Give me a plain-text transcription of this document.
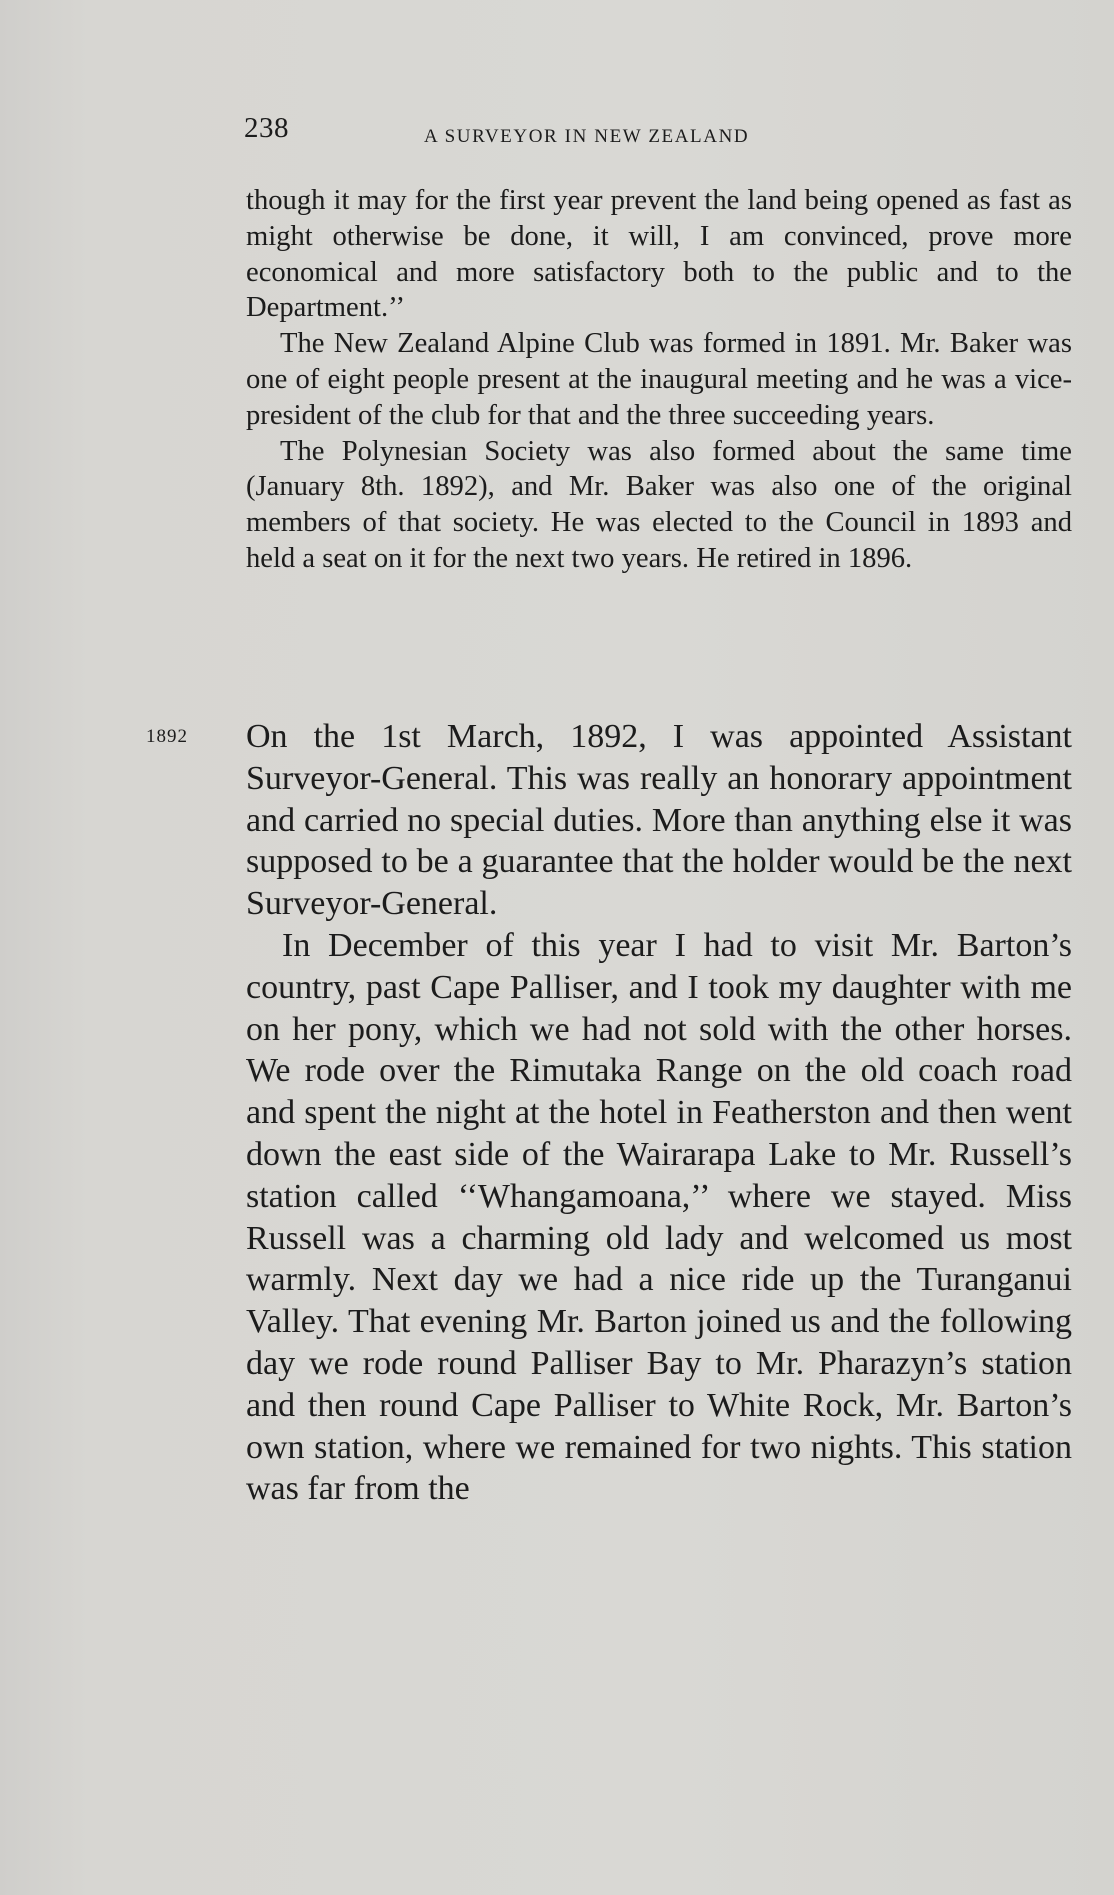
238	A SURVEYOR IN NEW ZEALAND

though it may for the first year prevent the land being opened as fast as might otherwise be done, it will, I am convinced, prove more economical and more satisfactory both to the public and to the Department.’’

The New Zealand Alpine Club was formed in 1891. Mr. Baker was one of eight people present at the inaugural meeting and he was a vice-president of the club for that and the three succeeding years.

The Polynesian Society was also formed about the same time (January 8th. 1892), and Mr. Baker was also one of the original members of that society. He was elected to the Council in 1893 and held a seat on it for the next two years. He retired in 1896.

1892 On the 1st March, 1892, I was appointed Assistant Surveyor-General. This was really an honorary appointment and carried no special duties. More than anything else it was supposed to be a guarantee that the holder would be the next Surveyor-General.

In December of this year I had to visit Mr. Barton’s country, past Cape Palliser, and I took my daughter with me on her pony, which we had not sold with the other horses. We rode over the Rimutaka Range on the old coach road and spent the night at the hotel in Featherston and then went down the east side of the Wairarapa Lake to Mr. Russell’s station called ‘‘Whangamoana,’’ where we stayed. Miss Russell was a charming old lady and welcomed us most warmly. Next day we had a nice ride up the Turanganui Valley. That evening Mr. Barton joined us and the following day we rode round Palliser Bay to Mr. Pharazyn’s station and then round Cape Palliser to White Rock, Mr. Barton’s own station, where we remained for two nights. This station was far from the
